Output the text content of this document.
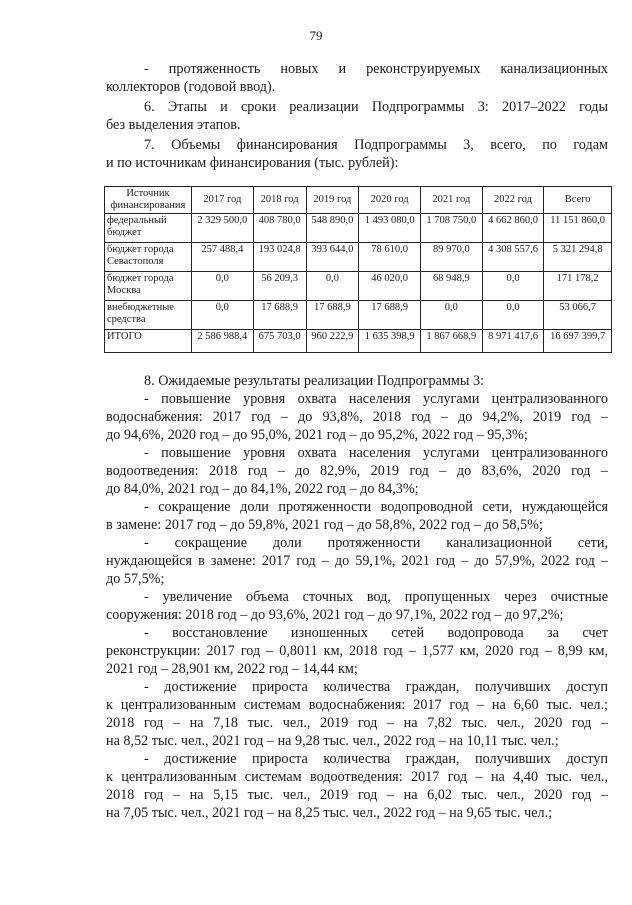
79
- протяженность новых и реконструируемых канализационных
коллекторов (годовой ввод).
6. Этапы и сроки реализации Подпрограммы 3: 2017–2022 годы
без выделения этапов.
7. Объемы финансирования Подпрограммы 3, всего, по годам
и по источникам финансирования (тыс. рублей):
Источник финансирования	2017 год	2018 год	2019 год	2020 год	2021 год	2022 год	Всего
федеральный бюджет	2 329 500,0	408 780,0	548 890,0	1 493 080,0	1 708 750,0	4 662 860,0	11 151 860,0
бюджет города Севастополя	257 488,4	193 024,8	393 644,0	78 610,0	89 970,0	4 308 557,6	5 321 294,8
бюджет города Москва	0,0	56 209,3	0,0	46 020,0	68 948,9	0,0	171 178,2
внебюджетные средства	0,0	17 688,9	17 688,9	17 688,9	0,0	0,0	53 066,7
ИТОГО	2 586 988,4	675 703,0	960 222,9	1 635 398,9	1 867 668,9	8 971 417,6	16 697 399,7
8. Ожидаемые результаты реализации Подпрограммы 3:
- повышение уровня охвата населения услугами централизованного
водоснабжения: 2017 год – до 93,8%, 2018 год – до 94,2%, 2019 год –
до 94,6%, 2020 год – до 95,0%, 2021 год – до 95,2%, 2022 год – 95,3%;
- повышение уровня охвата населения услугами централизованного
водоотведения: 2018 год – до 82,9%, 2019 год – до 83,6%, 2020 год –
до 84,0%, 2021 год – до 84,1%, 2022 год – до 84,3%;
- сокращение доли протяженности водопроводной сети, нуждающейся
в замене: 2017 год – до 59,8%, 2021 год – до 58,8%, 2022 год – до 58,5%;
- сокращение доли протяженности канализационной сети,
нуждающейся в замене: 2017 год – до 59,1%, 2021 год – до 57,9%, 2022 год –
до 57,5%;
- увеличение объема сточных вод, пропущенных через очистные
сооружения: 2018 год – до 93,6%, 2021 год – до 97,1%, 2022 год – до 97,2%;
- восстановление изношенных сетей водопровода за счет
реконструкции: 2017 год – 0,8011 км, 2018 год – 1,577 км, 2020 год – 8,99 км,
2021 год – 28,901 км, 2022 год – 14,44 км;
- достижение прироста количества граждан, получивших доступ
к централизованным системам водоснабжения: 2017 год – на 6,60 тыс. чел.;
2018 год – на 7,18 тыс. чел., 2019 год – на 7,82 тыс. чел., 2020 год –
на 8,52 тыс. чел., 2021 год – на 9,28 тыс. чел., 2022 год – на 10,11 тыс. чел.;
- достижение прироста количества граждан, получивших доступ
к централизованным системам водоотведения: 2017 год – на 4,40 тыс. чел.,
2018 год – на 5,15 тыс. чел., 2019 год – на 6,02 тыс. чел., 2020 год –
на 7,05 тыс. чел., 2021 год – на 8,25 тыс. чел., 2022 год – на 9,65 тыс. чел.;
